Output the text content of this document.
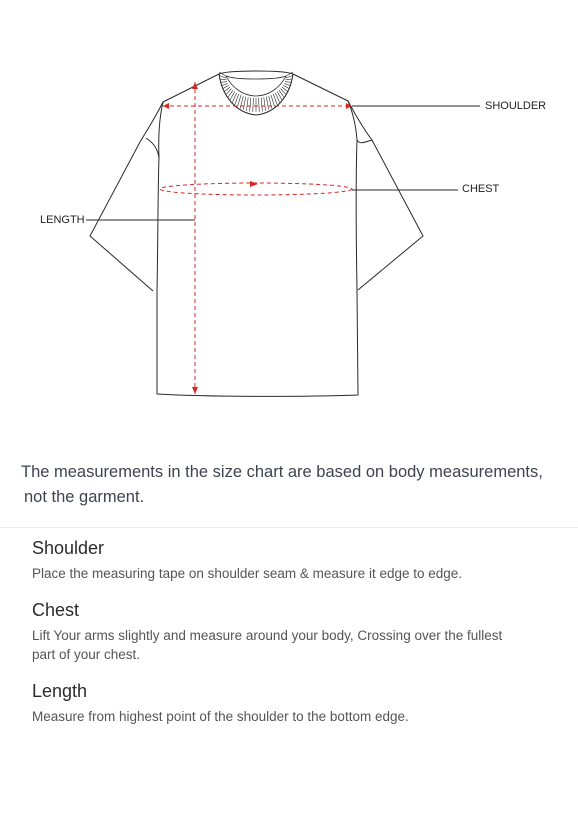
SHOULDER
CHEST
LENGTH

The measurements in the size chart are based on body measurements,
not the garment.

Shoulder

Place the measuring tape on shoulder seam & measure it edge to edge.

Chest

Lift Your arms slightly and measure around your body, Crossing over the fullest
part of your chest.

Length

Measure from highest point of the shoulder to the bottom edge.
